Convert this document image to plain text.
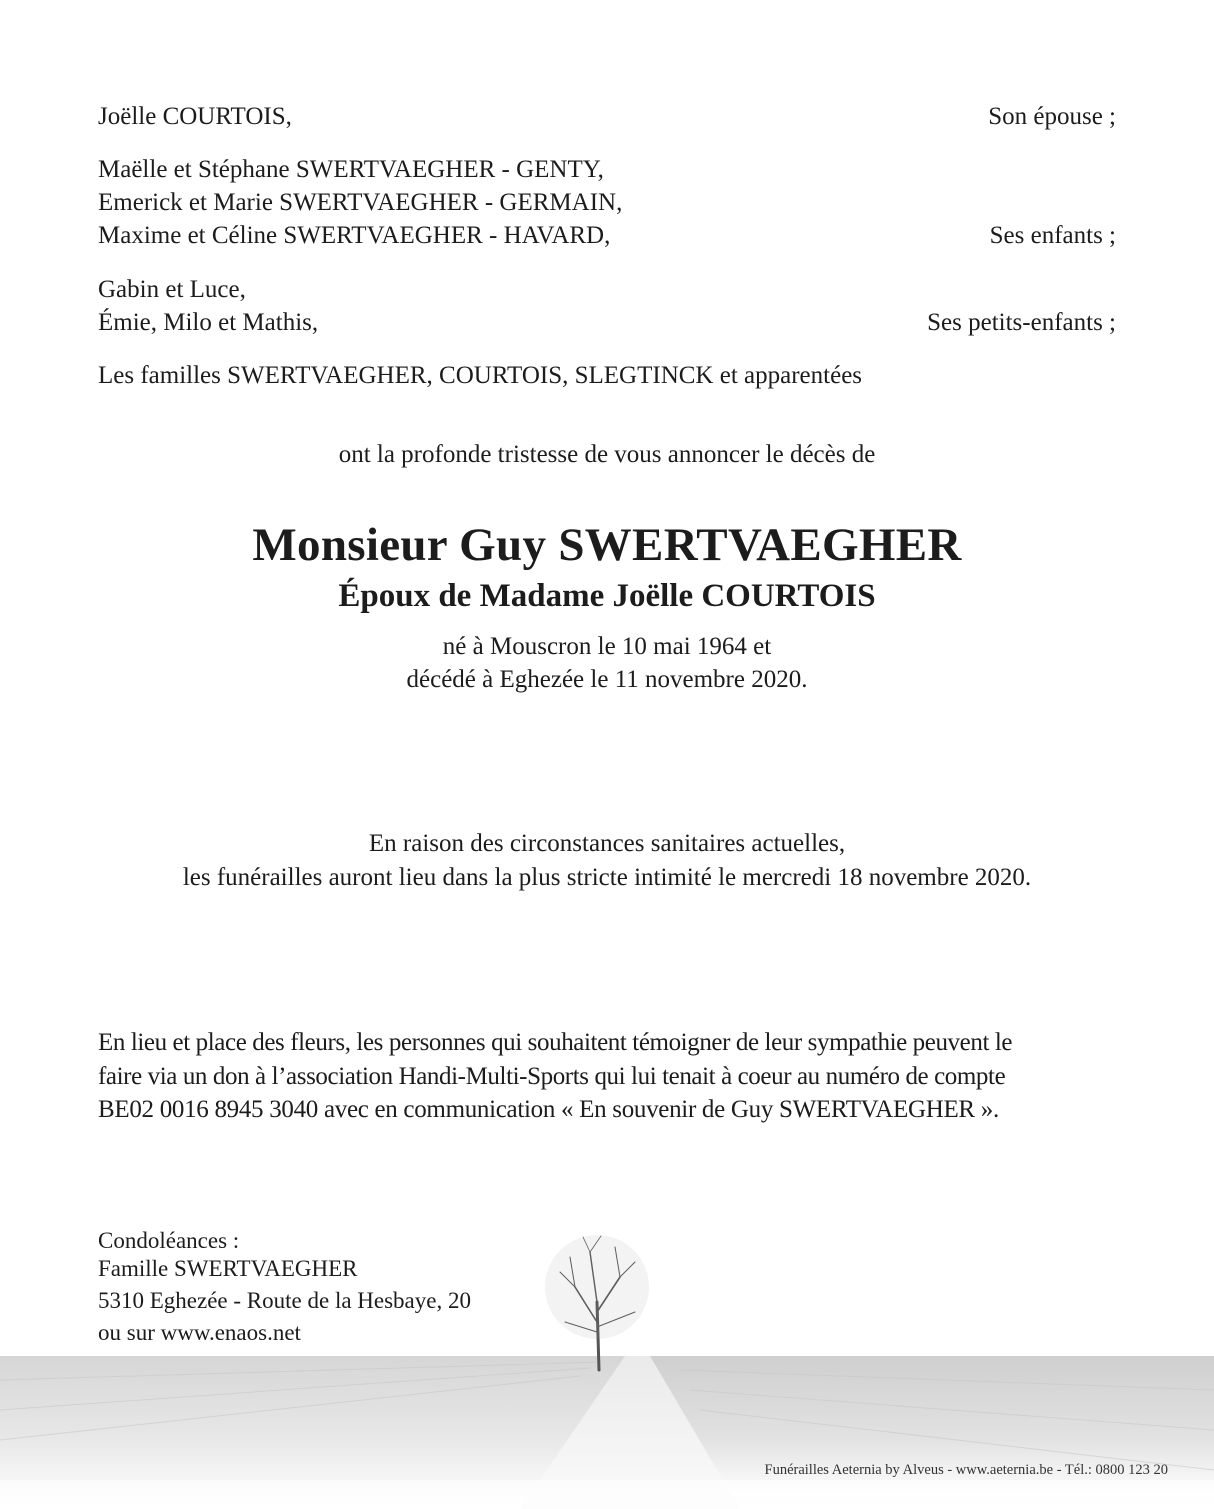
Joëlle COURTOIS,	Son épouse ;
Maëlle et Stéphane SWERTVAEGHER - GENTY,
Emerick et Marie SWERTVAEGHER - GERMAIN,
Maxime et Céline SWERTVAEGHER - HAVARD,	Ses enfants ;
Gabin et Luce,
Émie, Milo et Mathis,	Ses petits-enfants ;
Les familles SWERTVAEGHER, COURTOIS, SLEGTINCK et apparentées
ont la profonde tristesse de vous annoncer le décès de
Monsieur Guy SWERTVAEGHER
Époux de Madame Joëlle COURTOIS
né à Mouscron le 10 mai 1964 et
décédé à Eghezée le 11 novembre 2020.
En raison des circonstances sanitaires actuelles,
les funérailles auront lieu dans la plus stricte intimité le mercredi 18 novembre 2020.
En lieu et place des fleurs, les personnes qui souhaitent témoigner de leur sympathie peuvent le
faire via un don à l’association Handi-Multi-Sports qui lui tenait à coeur au numéro de compte
BE02 0016 8945 3040 avec en communication « En souvenir de Guy SWERTVAEGHER ».
Condoléances :
Famille SWERTVAEGHER
5310 Eghezée - Route de la Hesbaye, 20
ou sur www.enaos.net
Funérailles Aeternia by Alveus - www.aeternia.be - Tél.: 0800 123 20
